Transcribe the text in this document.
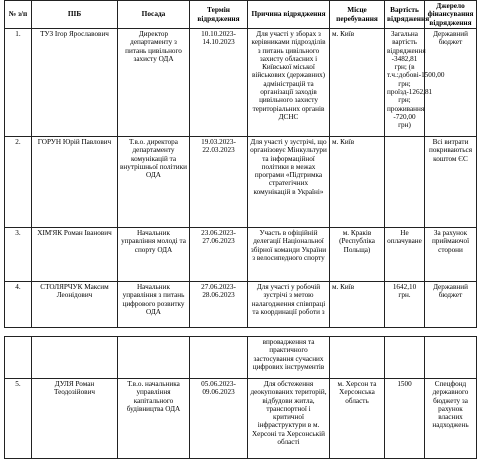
№ з/п	ПІБ	Посада	Термін відрядження	Причина відрядження	Місце перебування	Вартість відрядження	Джерело фінансування відрядження
1.	ТУЗ Ігор Ярославович	Директор департаменту з питань цивільного захисту ОДА	10.10.2023-14.10.2023	Для участі у зборах з керівниками підрозділів з питань цивільного захисту обласних і Київської міської військових (державних) адміністрацій та організації заходів цивільного захисту територіальних органів ДСНС	м. Київ	Загальна вартість відрядження -3482,81 грн; (в т.ч.:добові-1500,00 грн; проїзд-1262,81 грн; проживання -720,00 грн)	Державний бюджет
2.	ГОРУН Юрій Павлович	Т.в.о. директора департаменту комунікацій та внутрішньої політики ОДА	19.03.2023-22.03.2023	Для участі у зустрічі, що організовує Мінкультури та інформаційної політики в межах програми «Підтримка стратегічних комунікацій в Україні»	м. Київ		Всі витрати покриваються коштом ЄС
3.	ХІМ'ЯК Роман Іванович	Начальник управління молоді та спорту ОДА	23.06.2023-27.06.2023	Участь в офіційній делегації Національної збірної команди України з велосипедного спорту	м. Краків (Республіка Польща)	Не оплачуване	За рахунок приймаючої сторони
4.	СТОЛЯРЧУК Максим Леонідович	Начальник управління з питань цифрового розвитку ОДА	27.06.2023-28.06.2023	Для участі у робочій зустрічі з метою налагодження співпраці та координації роботи з	м. Київ	1642,10 грн.	Державний бюджет
				впровадження та практичного застосування сучасних цифрових інструментів			
5.	ДУЛЯ Роман Теодозійович	Т.в.о. начальника управління капітального будівництва ОДА	05.06.2023-09.06.2023	Для обстеження деокупованих територій, відбудови житла, транспортної і критичної інфраструктури в м. Херсоні та Херсонській області	м. Херсон та Херсонська область	1500	Спецфонд державного бюджету за рахунок власних надходжень
